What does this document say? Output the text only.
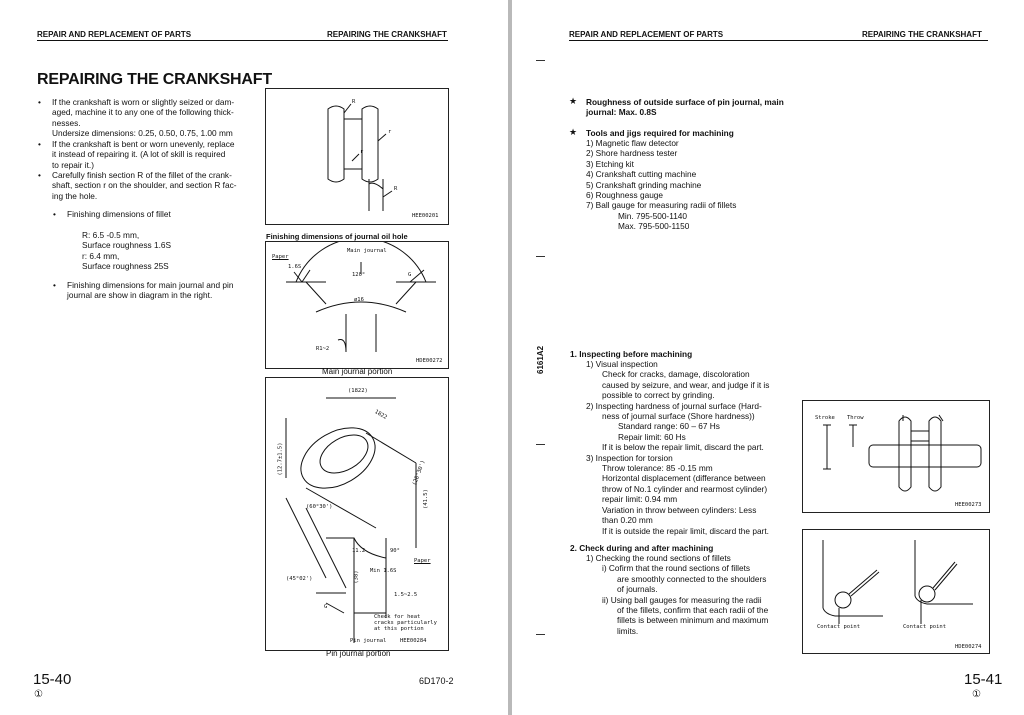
REPAIR AND REPLACEMENT OF PARTS	REPAIRING THE CRANKSHAFT
REPAIRING THE CRANKSHAFT
• If the crankshaft is worn or slightly seized or dam-
aged, machine it to any one of the following thick-
nesses.
Undersize dimensions: 0.25, 0.50, 0.75, 1.00 mm
• If the crankshaft is bent or worn unevenly, replace
it instead of repairing it. (A lot of skill is required
to repair it.)
• Carefully finish section R of the fillet of the crank-
shaft, section r on the shoulder, and section R fac-
ing the hole.
• Finishing dimensions of fillet
R: 6.5 -0.5 mm,
Surface roughness 1.6S
r: 6.4 mm,
Surface roughness 25S
• Finishing dimensions for main journal and pin
journal are show in diagram in the right.
R
r
r
R
HEE00201
Finishing dimensions of journal oil hole
Paper
Main journal
1.6S
120°
ø16
G
R1~2
HDE00272
Main journal portion
(1822)
1822
(12.7±1.5)	(28°30')
(41.5)
(60°30')
11.2	90°
Paper
Min 1.6S
(38)
(45°02')
1.5~2.5
G
Check for heat
cracks particularly
at this portion
Pin journal HEE00284
Pin journal portion
15-40
①
6D170-2
REPAIR AND REPLACEMENT OF PARTS	REPAIRING THE CRANKSHAFT
6161A2
★ Roughness of outside surface of pin journal, main
journal: Max. 0.8S
★ Tools and jigs required for machining
1) Magnetic flaw detector
2) Shore hardness tester
3) Etching kit
4) Crankshaft cutting machine
5) Crankshaft grinding machine
6) Roughness gauge
7) Ball gauge for measuring radii of fillets
Min. 795-500-1140
Max. 795-500-1150
1. Inspecting before machining
1) Visual inspection
Check for cracks, damage, discoloration
caused by seizure, and wear, and judge if it is
possible to correct by grinding.
2) Inspecting hardness of journal surface (Hard-
ness of journal surface (Shore hardness))
Standard range: 60 – 67 Hs
Repair limit: 60 Hs
If it is below the repair limit, discard the part.
3) Inspection for torsion
Throw tolerance: 85 -0.15 mm
Horizontal displacement (differance between
throw of No.1 cylinder and rearmost cylinder)
repair limit: 0.94 mm
Variation in throw between cylinders: Less
than 0.20 mm
If it is outside the repair limit, discard the part.
2. Check during and after machining
1) Checking the round sections of fillets
i) Cofirm that the round sections of fillets
are smoothly connected to the shoulders
of journals.
ii) Using ball gauges for measuring the radii
of the fillets, confirm that each radii of the
fillets is between minimum and maximum
limits.
Stroke Throw
HEE00273
Contact point	Contact point
HDE00274
15-41
①
